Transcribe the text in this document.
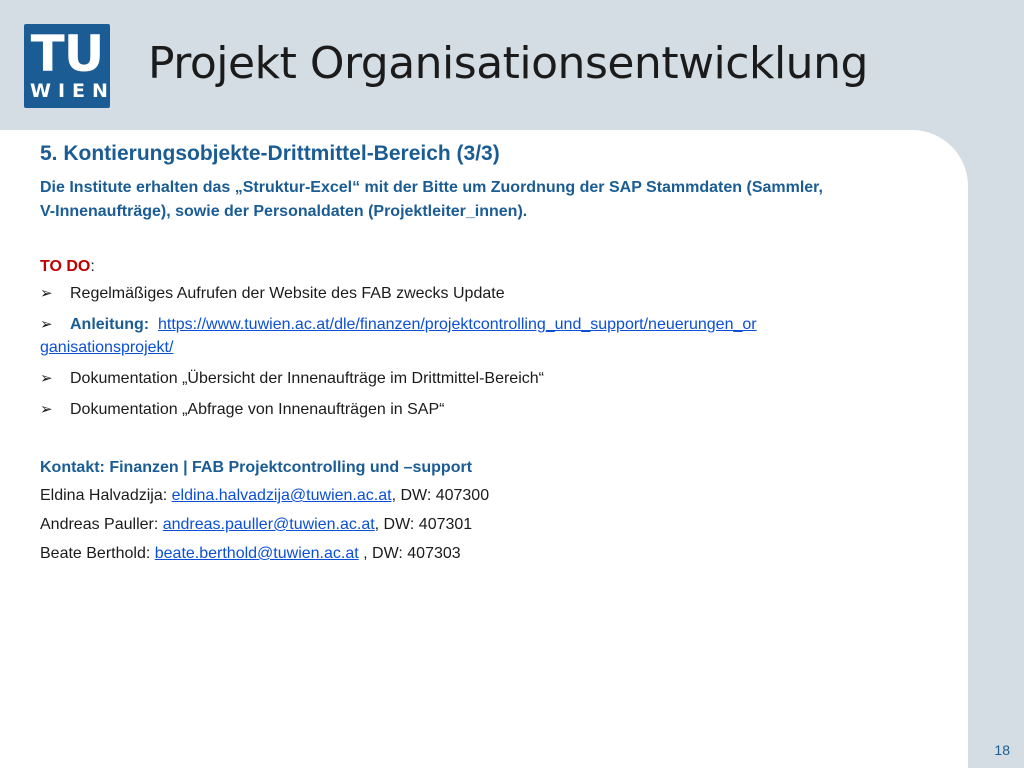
TU
WIEN
Projekt Organisationsentwicklung
5. Kontierungsobjekte-Drittmittel-Bereich (3/3)

Die Institute erhalten das „Struktur-Excel“ mit der Bitte um Zuordnung der SAP Stammdaten (Sammler,
V-Innenaufträge), sowie der Personaldaten (Projektleiter_innen).

TO DO:
➢ Regelmäßiges Aufrufen der Website des FAB zwecks Update
➢ Anleitung: https://www.tuwien.ac.at/dle/finanzen/projektcontrolling_und_support/neuerungen_or
ganisationsprojekt/
➢ Dokumentation „Übersicht der Innenaufträge im Drittmittel-Bereich“
➢ Dokumentation „Abfrage von Innenaufträgen in SAP“
Kontakt: Finanzen | FAB Projektcontrolling und –support
Eldina Halvadzija: eldina.halvadzija@tuwien.ac.at, DW: 407300
Andreas Pauller: andreas.pauller@tuwien.ac.at, DW: 407301
Beate Berthold: beate.berthold@tuwien.ac.at , DW: 407303
18
